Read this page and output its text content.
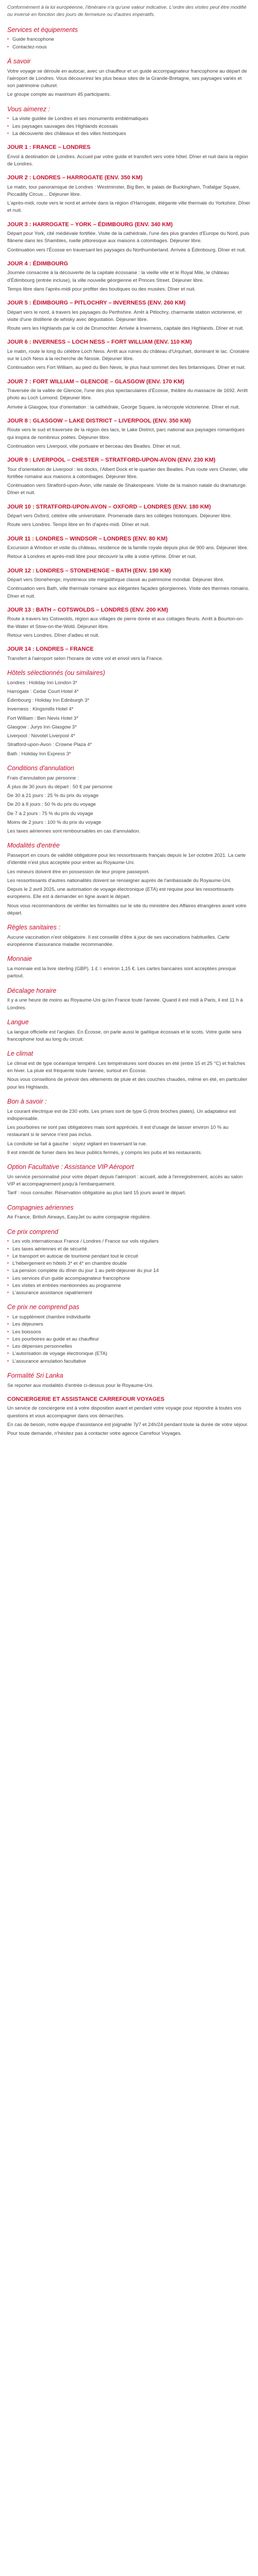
Conformément à la loi européenne, l'itinéraire n'a qu'une valeur indicative. L'ordre des visites peut être modifié ou inversé en fonction des jours de fermeture ou d'autres impératifs.

Services et équipements
▪ Guide francophone
▪ Contactez-nous
À savoir

Votre voyage se déroule en autocar, avec un chauffeur et un guide accompagnateur francophone au départ de l'aéroport de Londres. Vous découvrirez les plus beaux sites de la Grande-Bretagne, ses paysages variés et son patrimoine culturel.

Le groupe compte au maximum 45 participants.

Vous aimerez :
▪ La visite guidée de Londres et ses monuments emblématiques
▪ Les paysages sauvages des Highlands écossais
▪ La découverte des châteaux et des villes historiques
JOUR 1 : FRANCE – LONDRES

Envol à destination de Londres. Accueil par votre guide et transfert vers votre hôtel. Dîner et nuit dans la région de Londres.

JOUR 2 : LONDRES – HARROGATE (ENV. 350 KM)

Le matin, tour panoramique de Londres : Westminster, Big Ben, le palais de Buckingham, Trafalgar Square, Piccadilly Circus… Déjeuner libre.

L'après-midi, route vers le nord et arrivée dans la région d'Harrogate, élégante ville thermale du Yorkshire. Dîner et nuit.

JOUR 3 : HARROGATE – YORK – ÉDIMBOURG (ENV. 340 KM)

Départ pour York, cité médiévale fortifiée. Visite de la cathédrale, l'une des plus grandes d'Europe du Nord, puis flânerie dans les Shambles, ruelle pittoresque aux maisons à colombages. Déjeuner libre.

Continuation vers l'Écosse en traversant les paysages du Northumberland. Arrivée à Édimbourg. Dîner et nuit.

JOUR 4 : ÉDIMBOURG

Journée consacrée à la découverte de la capitale écossaise : la vieille ville et le Royal Mile, le château d'Édimbourg (entrée incluse), la ville nouvelle géorgienne et Princes Street. Déjeuner libre.

Temps libre dans l'après-midi pour profiter des boutiques ou des musées. Dîner et nuit.

JOUR 5 : ÉDIMBOURG – PITLOCHRY – INVERNESS (ENV. 260 KM)

Départ vers le nord, à travers les paysages du Perthshire. Arrêt à Pitlochry, charmante station victorienne, et visite d'une distillerie de whisky avec dégustation. Déjeuner libre.

Route vers les Highlands par le col de Drumochter. Arrivée à Inverness, capitale des Highlands. Dîner et nuit.

JOUR 6 : INVERNESS – LOCH NESS – FORT WILLIAM (ENV. 110 KM)

Le matin, route le long du célèbre Loch Ness. Arrêt aux ruines du château d'Urquhart, dominant le lac. Croisière sur le Loch Ness à la recherche de Nessie. Déjeuner libre.

Continuation vers Fort William, au pied du Ben Nevis, le plus haut sommet des îles britanniques. Dîner et nuit.

JOUR 7 : FORT WILLIAM – GLENCOE – GLASGOW (ENV. 170 KM)

Traversée de la vallée de Glencoe, l'une des plus spectaculaires d'Écosse, théâtre du massacre de 1692. Arrêt photo au Loch Lomond. Déjeuner libre.

Arrivée à Glasgow, tour d'orientation : la cathédrale, George Square, la nécropole victorienne. Dîner et nuit.

JOUR 8 : GLASGOW – LAKE DISTRICT – LIVERPOOL (ENV. 350 KM)

Route vers le sud et traversée de la région des lacs, le Lake District, parc national aux paysages romantiques qui inspira de nombreux poètes. Déjeuner libre.

Continuation vers Liverpool, ville portuaire et berceau des Beatles. Dîner et nuit.

JOUR 9 : LIVERPOOL – CHESTER – STRATFORD-UPON-AVON (ENV. 230 KM)

Tour d'orientation de Liverpool : les docks, l'Albert Dock et le quartier des Beatles. Puis route vers Chester, ville fortifiée romaine aux maisons à colombages. Déjeuner libre.

Continuation vers Stratford-upon-Avon, ville natale de Shakespeare. Visite de la maison natale du dramaturge. Dîner et nuit.

JOUR 10 : STRATFORD-UPON-AVON – OXFORD – LONDRES (ENV. 180 KM)

Départ vers Oxford, célèbre ville universitaire. Promenade dans les collèges historiques. Déjeuner libre.

Route vers Londres. Temps libre en fin d'après-midi. Dîner et nuit.

JOUR 11 : LONDRES – WINDSOR – LONDRES (ENV. 80 KM)

Excursion à Windsor et visite du château, résidence de la famille royale depuis plus de 900 ans. Déjeuner libre.

Retour à Londres et après-midi libre pour découvrir la ville à votre rythme. Dîner et nuit.

JOUR 12 : LONDRES – STONEHENGE – BATH (ENV. 190 KM)

Départ vers Stonehenge, mystérieux site mégalithique classé au patrimoine mondial. Déjeuner libre.

Continuation vers Bath, ville thermale romaine aux élégantes façades géorgiennes. Visite des thermes romains. Dîner et nuit.

JOUR 13 : BATH – COTSWOLDS – LONDRES (ENV. 200 KM)

Route à travers les Cotswolds, région aux villages de pierre dorée et aux cottages fleuris. Arrêt à Bourton-on-the-Water et Stow-on-the-Wold. Déjeuner libre.

Retour vers Londres. Dîner d'adieu et nuit.

JOUR 14 : LONDRES – FRANCE

Transfert à l'aéroport selon l'horaire de votre vol et envol vers la France.

Hôtels sélectionnés (ou similaires)

Londres : Holiday Inn London 3*

Harrogate : Cedar Court Hotel 4*

Édimbourg : Holiday Inn Edinburgh 3*

Inverness : Kingsmills Hotel 4*

Fort William : Ben Nevis Hotel 3*

Glasgow : Jurys Inn Glasgow 3*

Liverpool : Novotel Liverpool 4*

Stratford-upon-Avon : Crowne Plaza 4*

Bath : Holiday Inn Express 3*

Conditions d'annulation

Frais d'annulation par personne :

À plus de 30 jours du départ : 50 € par personne

De 30 à 21 jours : 25 % du prix du voyage

De 20 à 8 jours : 50 % du prix du voyage

De 7 à 2 jours : 75 % du prix du voyage

Moins de 2 jours : 100 % du prix du voyage

Les taxes aériennes sont remboursables en cas d'annulation.

Modalités d'entrée

Passeport en cours de validité obligatoire pour les ressortissants français depuis le 1er octobre 2021. La carte d'identité n'est plus acceptée pour entrer au Royaume-Uni.

Les mineurs doivent être en possession de leur propre passeport.

Les ressortissants d'autres nationalités doivent se renseigner auprès de l'ambassade du Royaume-Uni.

Depuis le 2 avril 2025, une autorisation de voyage électronique (ETA) est requise pour les ressortissants européens. Elle est à demander en ligne avant le départ.

Nous vous recommandons de vérifier les formalités sur le site du ministère des Affaires étrangères avant votre départ.

Règles sanitaires :

Aucune vaccination n'est obligatoire. Il est conseillé d'être à jour de ses vaccinations habituelles. Carte européenne d'assurance maladie recommandée.

Monnaie

La monnaie est la livre sterling (GBP). 1 £ = environ 1,15 €. Les cartes bancaires sont acceptées presque partout.

Décalage horaire

Il y a une heure de moins au Royaume-Uni qu'en France toute l'année. Quand il est midi à Paris, il est 11 h à Londres.

Langue

La langue officielle est l'anglais. En Écosse, on parle aussi le gaélique écossais et le scots. Votre guide sera francophone tout au long du circuit.

Le climat

Le climat est de type océanique tempéré. Les températures sont douces en été (entre 15 et 25 °C) et fraîches en hiver. La pluie est fréquente toute l'année, surtout en Écosse.

Nous vous conseillons de prévoir des vêtements de pluie et des couches chaudes, même en été, en particulier pour les Highlands.

Bon à savoir :

Le courant électrique est de 230 volts. Les prises sont de type G (trois broches plates). Un adaptateur est indispensable.

Les pourboires ne sont pas obligatoires mais sont appréciés. Il est d'usage de laisser environ 10 % au restaurant si le service n'est pas inclus.

La conduite se fait à gauche : soyez vigilant en traversant la rue.

Il est interdit de fumer dans les lieux publics fermés, y compris les pubs et les restaurants.

Option Facultative : Assistance VIP Aéroport

Un service personnalisé pour votre départ depuis l'aéroport : accueil, aide à l'enregistrement, accès au salon VIP et accompagnement jusqu'à l'embarquement.

Tarif : nous consulter. Réservation obligatoire au plus tard 15 jours avant le départ.

Compagnies aériennes

Air France, British Airways, EasyJet ou autre compagnie régulière.

Ce prix comprend
▪ Les vols internationaux France / Londres / France sur vols réguliers
▪ Les taxes aériennes et de sécurité
▪ Le transport en autocar de tourisme pendant tout le circuit
▪ L'hébergement en hôtels 3* et 4* en chambre double
▪ La pension complète du dîner du jour 1 au petit-déjeuner du jour 14
▪ Les services d'un guide accompagnateur francophone
▪ Les visites et entrées mentionnées au programme
▪ L'assurance assistance rapatriement
Ce prix ne comprend pas
▪ Le supplément chambre individuelle
▪ Les déjeuners
▪ Les boissons
▪ Les pourboires au guide et au chauffeur
▪ Les dépenses personnelles
▪ L'autorisation de voyage électronique (ETA)
▪ L'assurance annulation facultative
Formalité Sri Lanka

Se reporter aux modalités d'entrée ci-dessus pour le Royaume-Uni.

CONCIERGERIE ET ASSISTANCE CARREFOUR VOYAGES

Un service de conciergerie est à votre disposition avant et pendant votre voyage pour répondre à toutes vos questions et vous accompagner dans vos démarches.

En cas de besoin, notre équipe d'assistance est joignable 7j/7 et 24h/24 pendant toute la durée de votre séjour.

Pour toute demande, n'hésitez pas à contacter votre agence Carrefour Voyages.
